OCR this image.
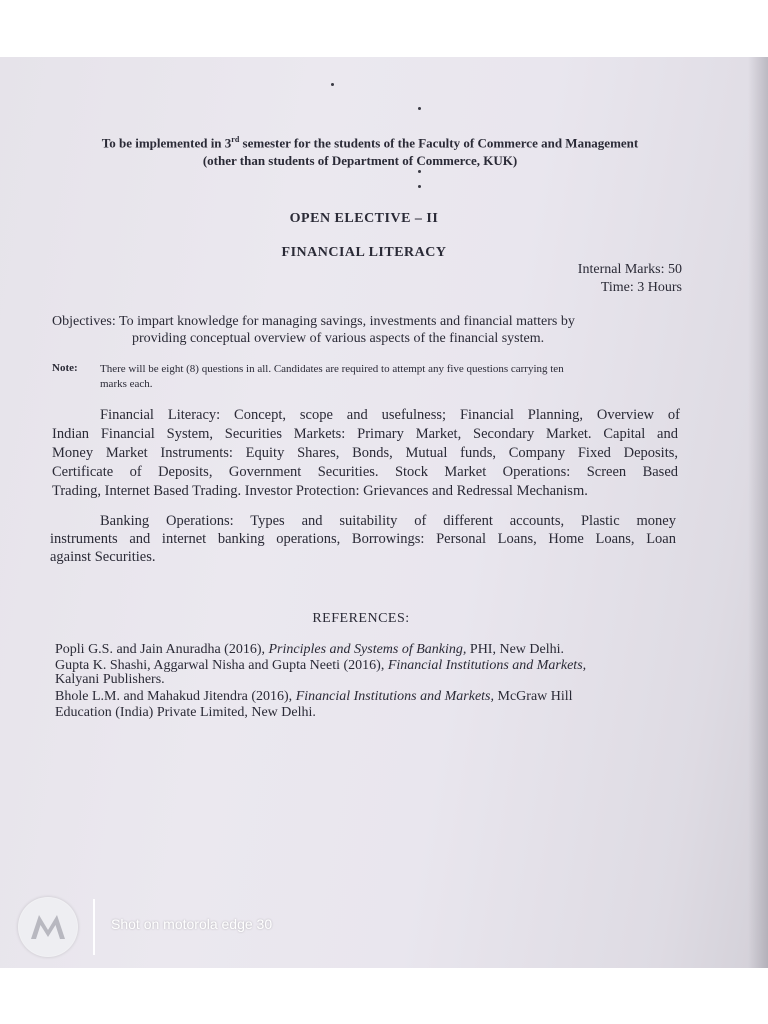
To be implemented in 3rd semester for the students of the Faculty of Commerce and Management
(other than students of Department of Commerce, KUK)
OPEN ELECTIVE – II
FINANCIAL LITERACY
Internal Marks: 50
Time: 3 Hours
Objectives: To impart knowledge for managing savings, investments and financial matters by
providing conceptual overview of various aspects of the financial system.
Note: There will be eight (8) questions in all. Candidates are required to attempt any five questions carrying ten
marks each.
Financial Literacy: Concept, scope and usefulness; Financial Planning, Overview of
Indian Financial System, Securities Markets: Primary Market, Secondary Market. Capital and
Money Market Instruments: Equity Shares, Bonds, Mutual funds, Company Fixed Deposits,
Certificate of Deposits, Government Securities. Stock Market Operations: Screen Based
Trading, Internet Based Trading. Investor Protection: Grievances and Redressal Mechanism.
Banking Operations: Types and suitability of different accounts, Plastic money
instruments and internet banking operations, Borrowings: Personal Loans, Home Loans, Loan
against Securities.
REFERENCES:
Popli G.S. and Jain Anuradha (2016), Principles and Systems of Banking, PHI, New Delhi.
Gupta K. Shashi, Aggarwal Nisha and Gupta Neeti (2016), Financial Institutions and Markets,
Kalyani Publishers.
Bhole L.M. and Mahakud Jitendra (2016), Financial Institutions and Markets, McGraw Hill
Education (India) Private Limited, New Delhi.
Shot on motorola edge 30
